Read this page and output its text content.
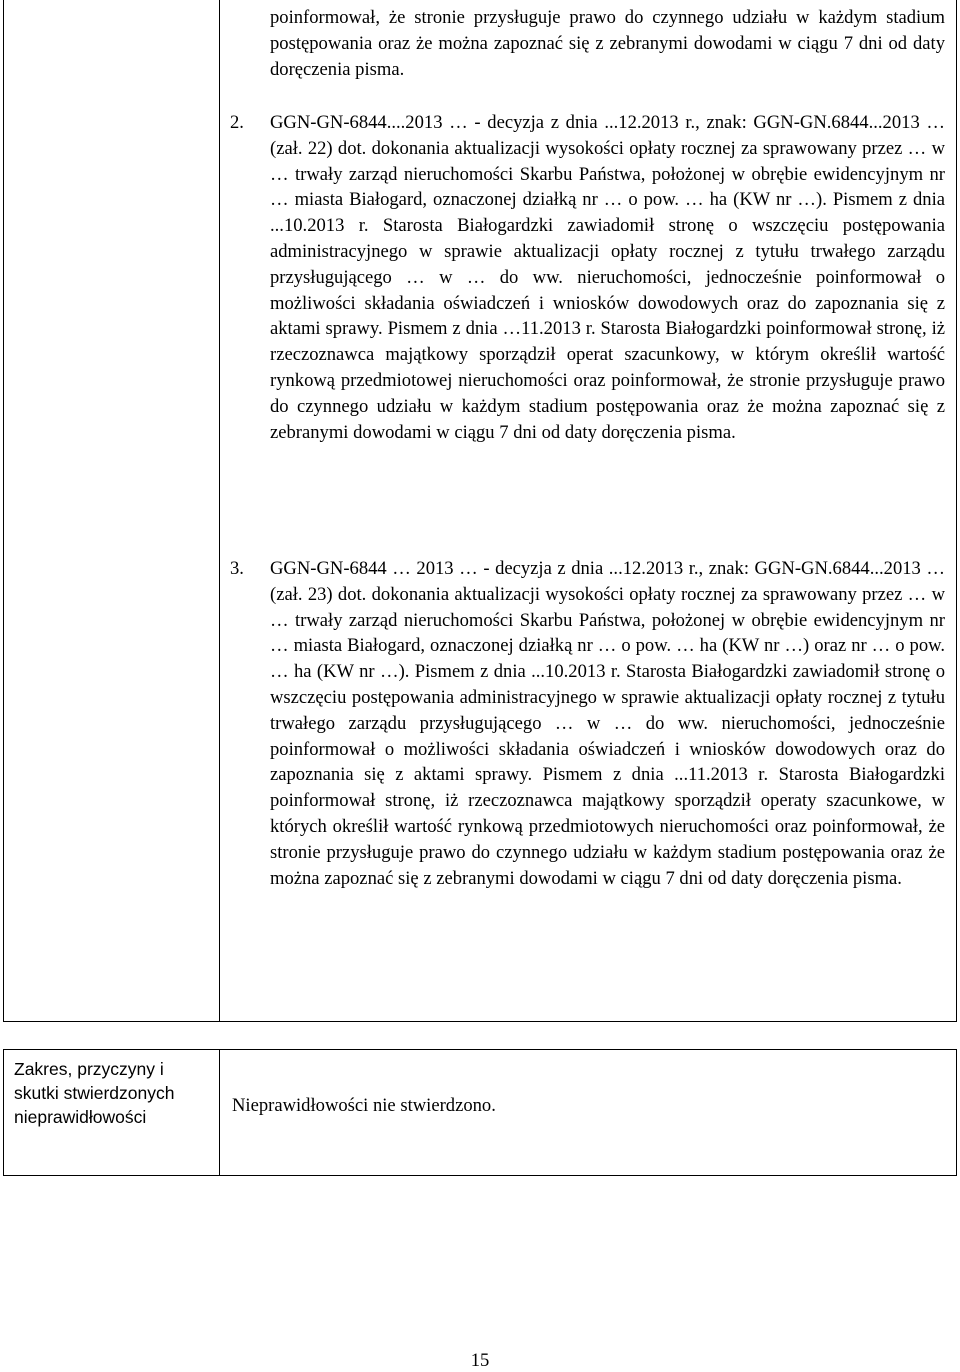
poinformował, że stronie przysługuje prawo do czynnego udziału w każdym stadium postępowania oraz że można zapoznać się z zebranymi dowodami w ciągu 7 dni od daty doręczenia pisma.
2. GGN-GN-6844....2013 … - decyzja z dnia ...12.2013 r., znak: GGN-GN.6844...2013 … (zał. 22) dot. dokonania aktualizacji wysokości opłaty rocznej za sprawowany przez … w … trwały zarząd nieruchomości Skarbu Państwa, położonej w obrębie ewidencyjnym nr … miasta Białogard, oznaczonej działką nr … o pow. … ha (KW nr …). Pismem z dnia ...10.2013 r. Starosta Białogardzki zawiadomił stronę o wszczęciu postępowania administracyjnego w sprawie aktualizacji opłaty rocznej z tytułu trwałego zarządu przysługującego … w … do ww. nieruchomości, jednocześnie poinformował o możliwości składania oświadczeń i wniosków dowodowych oraz do zapoznania się z aktami sprawy. Pismem z dnia …11.2013 r. Starosta Białogardzki poinformował stronę, iż rzeczoznawca majątkowy sporządził operat szacunkowy, w którym określił wartość rynkową przedmiotowej nieruchomości oraz poinformował, że stronie przysługuje prawo do czynnego udziału w każdym stadium postępowania oraz że można zapoznać się z zebranymi dowodami w ciągu 7 dni od daty doręczenia pisma.
3. GGN-GN-6844 … 2013 … - decyzja z dnia ...12.2013 r., znak: GGN-GN.6844...2013 … (zał. 23) dot. dokonania aktualizacji wysokości opłaty rocznej za sprawowany przez … w … trwały zarząd nieruchomości Skarbu Państwa, położonej w obrębie ewidencyjnym nr … miasta Białogard, oznaczonej działką nr … o pow. … ha (KW nr …) oraz nr … o pow. … ha (KW nr …). Pismem z dnia ...10.2013 r. Starosta Białogardzki zawiadomił stronę o wszczęciu postępowania administracyjnego w sprawie aktualizacji opłaty rocznej z tytułu trwałego zarządu przysługującego … w … do ww. nieruchomości, jednocześnie poinformował o możliwości składania oświadczeń i wniosków dowodowych oraz do zapoznania się z aktami sprawy. Pismem z dnia ...11.2013 r. Starosta Białogardzki poinformował stronę, iż rzeczoznawca majątkowy sporządził operaty szacunkowe, w których określił wartość rynkową przedmiotowych nieruchomości oraz poinformował, że stronie przysługuje prawo do czynnego udziału w każdym stadium postępowania oraz że można zapoznać się z zebranymi dowodami w ciągu 7 dni od daty doręczenia pisma.
Zakres, przyczyny i skutki stwierdzonych nieprawidłowości
Nieprawidłowości nie stwierdzono.
15
